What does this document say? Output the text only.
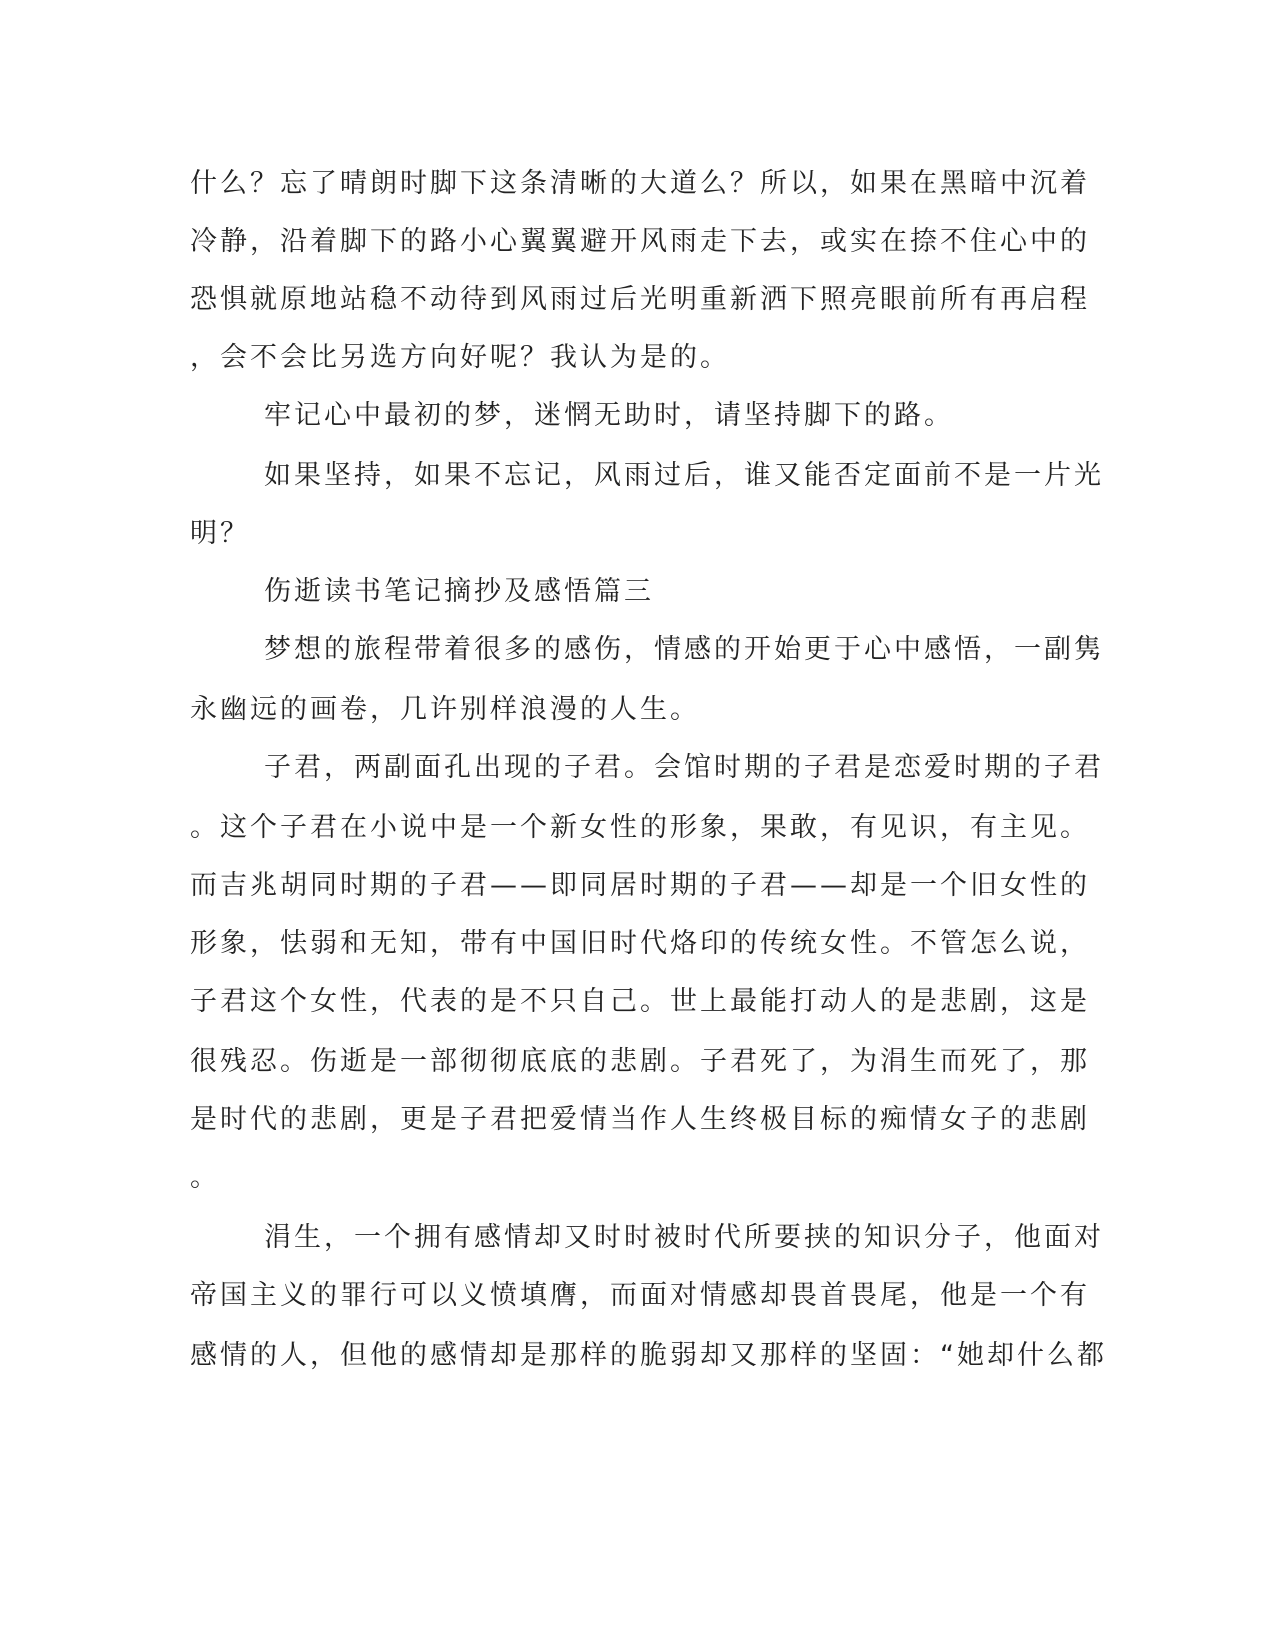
什么？忘了晴朗时脚下这条清晰的大道么？所以，如果在黑暗中沉着
冷静，沿着脚下的路小心翼翼避开风雨走下去，或实在捺不住心中的
恐惧就原地站稳不动待到风雨过后光明重新洒下照亮眼前所有再启程
，会不会比另选方向好呢？我认为是的。
牢记心中最初的梦，迷惘无助时，请坚持脚下的路。
如果坚持，如果不忘记，风雨过后，谁又能否定面前不是一片光
明？
伤逝读书笔记摘抄及感悟篇三
梦想的旅程带着很多的感伤，情感的开始更于心中感悟，一副隽
永幽远的画卷，几许别样浪漫的人生。
子君，两副面孔出现的子君。会馆时期的子君是恋爱时期的子君
。这个子君在小说中是一个新女性的形象，果敢，有见识，有主见。
而吉兆胡同时期的子君——即同居时期的子君——却是一个旧女性的
形象，怯弱和无知，带有中国旧时代烙印的传统女性。不管怎么说，
子君这个女性，代表的是不只自己。世上最能打动人的是悲剧，这是
很残忍。伤逝是一部彻彻底底的悲剧。子君死了，为涓生而死了，那
是时代的悲剧，更是子君把爱情当作人生终极目标的痴情女子的悲剧
。
涓生，一个拥有感情却又时时被时代所要挟的知识分子，他面对
帝国主义的罪行可以义愤填膺，而面对情感却畏首畏尾，他是一个有
感情的人，但他的感情却是那样的脆弱却又那样的坚固：“她却什么都
